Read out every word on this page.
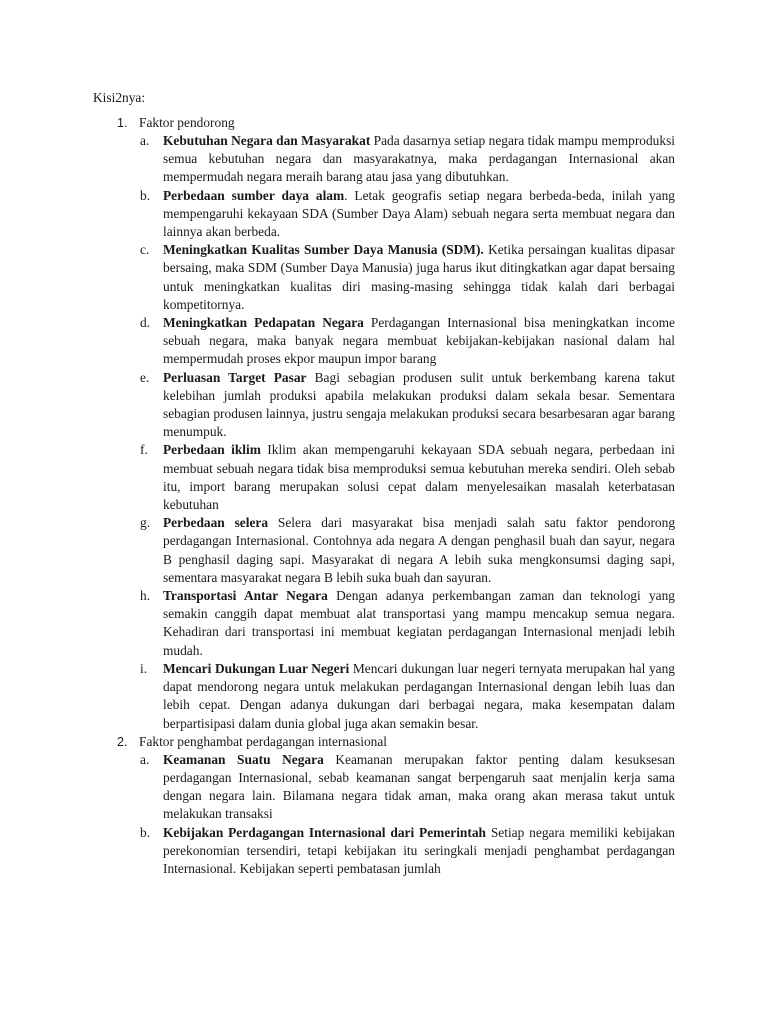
Kisi2nya:
1. Faktor pendorong
a. Kebutuhan Negara dan Masyarakat Pada dasarnya setiap negara tidak mampu memproduksi semua kebutuhan negara dan masyarakatnya, maka perdagangan Internasional akan mempermudah negara meraih barang atau jasa yang dibutuhkan.
b. Perbedaan sumber daya alam. Letak geografis setiap negara berbeda-beda, inilah yang mempengaruhi kekayaan SDA (Sumber Daya Alam) sebuah negara serta membuat negara dan lainnya akan berbeda.
c. Meningkatkan Kualitas Sumber Daya Manusia (SDM). Ketika persaingan kualitas dipasar bersaing, maka SDM (Sumber Daya Manusia) juga harus ikut ditingkatkan agar dapat bersaing untuk meningkatkan kualitas diri masing-masing sehingga tidak kalah dari berbagai kompetitornya.
d. Meningkatkan Pedapatan Negara Perdagangan Internasional bisa meningkatkan income sebuah negara, maka banyak negara membuat kebijakan-kebijakan nasional dalam hal mempermudah proses ekpor maupun impor barang
e. Perluasan Target Pasar Bagi sebagian produsen sulit untuk berkembang karena takut kelebihan jumlah produksi apabila melakukan produksi dalam sekala besar. Sementara sebagian produsen lainnya, justru sengaja melakukan produksi secara besarbesaran agar barang menumpuk.
f. Perbedaan iklim Iklim akan mempengaruhi kekayaan SDA sebuah negara, perbedaan ini membuat sebuah negara tidak bisa memproduksi semua kebutuhan mereka sendiri. Oleh sebab itu, import barang merupakan solusi cepat dalam menyelesaikan masalah keterbatasan kebutuhan
g. Perbedaan selera Selera dari masyarakat bisa menjadi salah satu faktor pendorong perdagangan Internasional. Contohnya ada negara A dengan penghasil buah dan sayur, negara B penghasil daging sapi. Masyarakat di negara A lebih suka mengkonsumsi daging sapi, sementara masyarakat negara B lebih suka buah dan sayuran.
h. Transportasi Antar Negara Dengan adanya perkembangan zaman dan teknologi yang semakin canggih dapat membuat alat transportasi yang mampu mencakup semua negara. Kehadiran dari transportasi ini membuat kegiatan perdagangan Internasional menjadi lebih mudah.
i. Mencari Dukungan Luar Negeri Mencari dukungan luar negeri ternyata merupakan hal yang dapat mendorong negara untuk melakukan perdagangan Internasional dengan lebih luas dan lebih cepat. Dengan adanya dukungan dari berbagai negara, maka kesempatan dalam berpartisipasi dalam dunia global juga akan semakin besar.
2. Faktor penghambat perdagangan internasional
a. Keamanan Suatu Negara Keamanan merupakan faktor penting dalam kesuksesan perdagangan Internasional, sebab keamanan sangat berpengaruh saat menjalin kerja sama dengan negara lain. Bilamana negara tidak aman, maka orang akan merasa takut untuk melakukan transaksi
b. Kebijakan Perdagangan Internasional dari Pemerintah Setiap negara memiliki kebijakan perekonomian tersendiri, tetapi kebijakan itu seringkali menjadi penghambat perdagangan Internasional. Kebijakan seperti pembatasan jumlah
